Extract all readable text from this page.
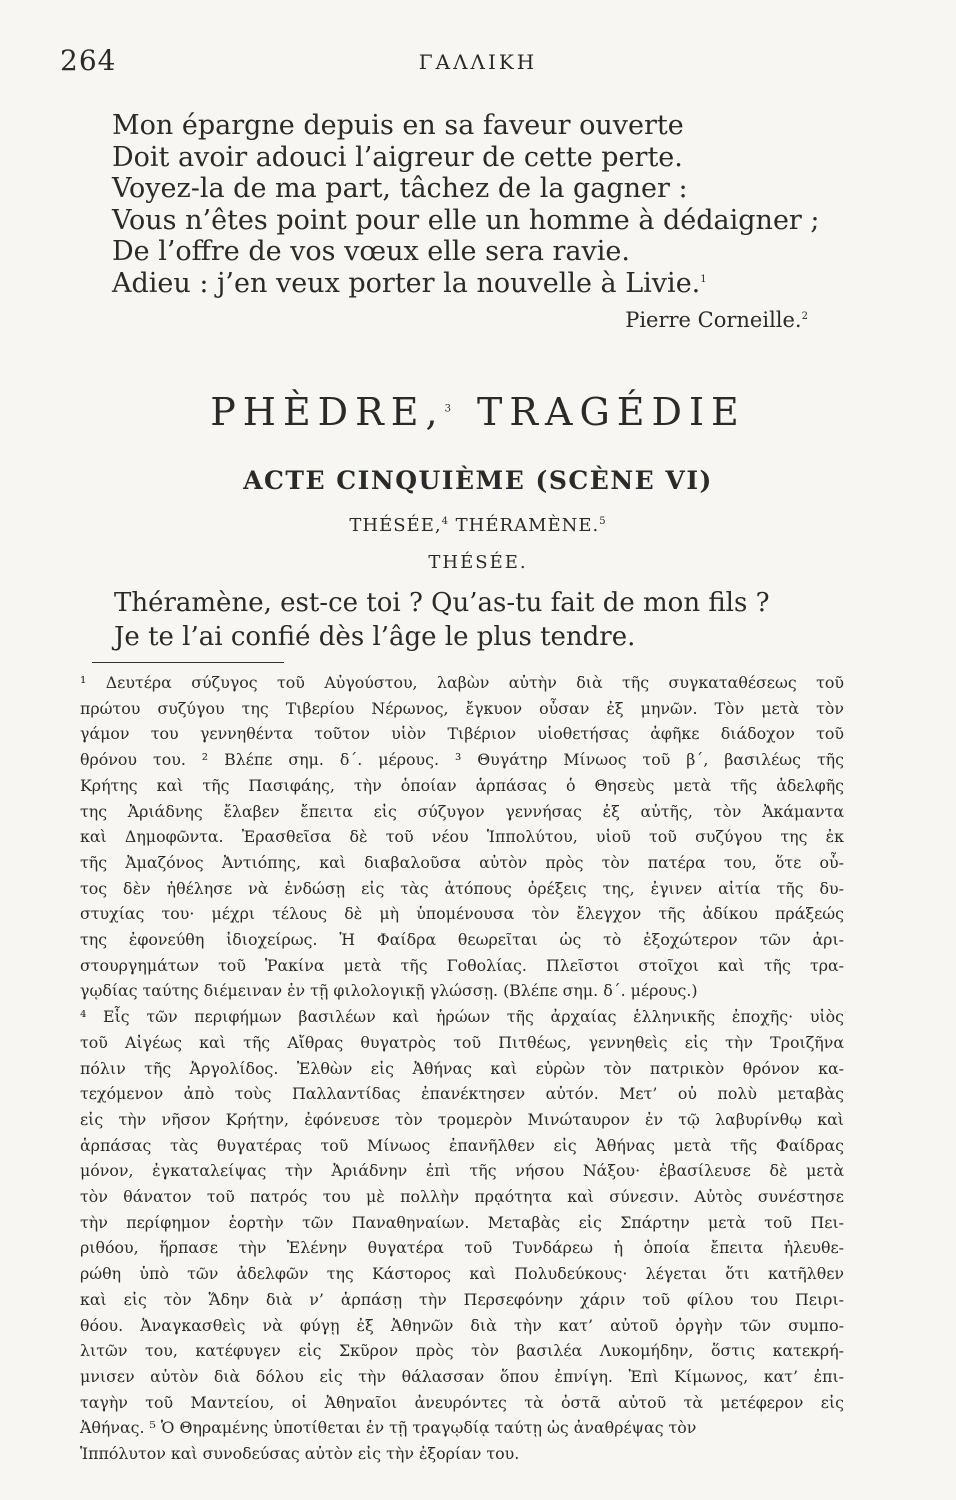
264	ΓΑΛΛΙΚΗ
Mon épargne depuis en sa faveur ouverte
Doit avoir adouci l’aigreur de cette perte.
Voyez-la de ma part, tâchez de la gagner :
Vous n’êtes point pour elle un homme à dédaigner ;
De l’offre de vos vœux elle sera ravie.
Adieu : j’en veux porter la nouvelle à Livie.$^1$
Pierre Corneille.$^2$
PHÈDRE,$^3$ TRAGÉDIE
ACTE CINQUIÈME (SCÈNE VI)
THÉSÉE,$^4$ THÉRAMÈNE.$^5$
THÉSÉE.
Théramène, est-ce toi ? Qu’as-tu fait de mon fils ?
Je te l’ai confié dès l’âge le plus tendre.
¹ Δευτέρα σύζυγος τοῦ Αὐγούστου, λαβὼν αὐτὴν διὰ τῆς συγκαταθέσεως τοῦ
πρώτου συζύγου της Τιβερίου Νέρωνος, ἔγκυον οὖσαν ἐξ μηνῶν. Τὸν μετὰ τὸν
γάμον του γεννηθέντα τοῦτον υἱὸν Τιβέριον υἱοθετήσας ἀφῆκε διάδοχον τοῦ
θρόνου του. ² Βλέπε σημ. δ΄. μέρους. ³ Θυγάτηρ Μίνωος τοῦ β΄, βασιλέως τῆς
Κρήτης καὶ τῆς Πασιφάης, τὴν ὁποίαν ἁρπάσας ὁ Θησεὺς μετὰ τῆς ἀδελφῆς
της Ἀριάδνης ἔλαβεν ἔπειτα εἰς σύζυγον γεννήσας ἐξ αὐτῆς, τὸν Ἀκάμαντα
καὶ Δημοφῶντα. Ἐρασθεῖσα δὲ τοῦ νέου Ἱππολύτου, υἱοῦ τοῦ συζύγου της ἐκ
τῆς Ἀμαζόνος Ἀντιόπης, καὶ διαβαλοῦσα αὐτὸν πρὸς τὸν πατέρα του, ὅτε οὗ-
τος δὲν ἠθέλησε νὰ ἐνδώσῃ εἰς τὰς ἀτόπους ὀρέξεις της, ἐγινεν αἰτία τῆς δυ-
στυχίας του· μέχρι τέλους δὲ μὴ ὑπομένουσα τὸν ἔλεγχον τῆς ἀδίκου πράξεώς
της ἐφονεύθη ἰδιοχείρως. Ἡ Φαίδρα θεωρεῖται ὡς τὸ ἐξοχώτερον τῶν ἀρι-
στουργημάτων τοῦ Ῥακίνα μετὰ τῆς Γοθολίας. Πλεῖστοι στοῖχοι καὶ τῆς τρα-
γῳδίας ταύτης διέμειναν ἐν τῇ φιλολογικῇ γλώσσῃ. (Βλέπε σημ. δ΄. μέρους.)
⁴ Εἷς τῶν περιφήμων βασιλέων καὶ ἡρώων τῆς ἀρχαίας ἑλληνικῆς ἐποχῆς· υἱὸς
τοῦ Αἰγέως καὶ τῆς Αἴθρας θυγατρὸς τοῦ Πιτθέως, γεννηθεὶς εἰς τὴν Τροιζῆνα
πόλιν τῆς Ἀργολίδος. Ἐλθὼν εἰς Ἀθήνας καὶ εὑρὼν τὸν πατρικὸν θρόνον κα-
τεχόμενον ἀπὸ τοὺς Παλλαντίδας ἐπανέκτησεν αὐτόν. Μετ’ οὐ πολὺ μεταβὰς
εἰς τὴν νῆσον Κρήτην, ἐφόνευσε τὸν τρομερὸν Μινώταυρον ἐν τῷ λαβυρίνθῳ καὶ
ἁρπάσας τὰς θυγατέρας τοῦ Μίνωος ἐπανῆλθεν εἰς Ἀθήνας μετὰ τῆς Φαίδρας
μόνον, ἐγκαταλείψας τὴν Ἀριάδνην ἐπὶ τῆς νήσου Νάξου· ἐβασίλευσε δὲ μετὰ
τὸν θάνατον τοῦ πατρός του μὲ πολλὴν πρᾳότητα καὶ σύνεσιν. Αὐτὸς συνέστησε
τὴν περίφημον ἑορτὴν τῶν Παναθηναίων. Μεταβὰς εἰς Σπάρτην μετὰ τοῦ Πει-
ριθόου, ἥρπασε τὴν Ἑλένην θυγατέρα τοῦ Τυνδάρεω ἡ ὁποία ἔπειτα ἠλευθε-
ρώθη ὑπὸ τῶν ἀδελφῶν της Κάστορος καὶ Πολυδεύκους· λέγεται ὅτι κατῆλθεν
καὶ εἰς τὸν Ἅδην διὰ ν’ ἁρπάσῃ τὴν Περσεφόνην χάριν τοῦ φίλου του Πειρι-
θόου. Ἀναγκασθεὶς νὰ φύγῃ ἐξ Ἀθηνῶν διὰ τὴν κατ’ αὐτοῦ ὀργὴν τῶν συμπο-
λιτῶν του, κατέφυγεν εἰς Σκῦρον πρὸς τὸν βασιλέα Λυκομήδην, ὅστις κατεκρή-
μνισεν αὐτὸν διὰ δόλου εἰς τὴν θάλασσαν ὅπου ἐπνίγη. Ἐπὶ Κίμωνος, κατ’ ἐπι-
ταγὴν τοῦ Μαντείου, οἱ Ἀθηναῖοι ἀνευρόντες τὰ ὀστᾶ αὐτοῦ τὰ μετέφερον εἰς
Ἀθήνας. ⁵ Ὁ Θηραμένης ὑποτίθεται ἐν τῇ τραγῳδίᾳ ταύτῃ ὡς ἀναθρέψας τὸν
Ἱππόλυτον καὶ συνοδεύσας αὐτὸν εἰς τὴν ἐξορίαν του.
